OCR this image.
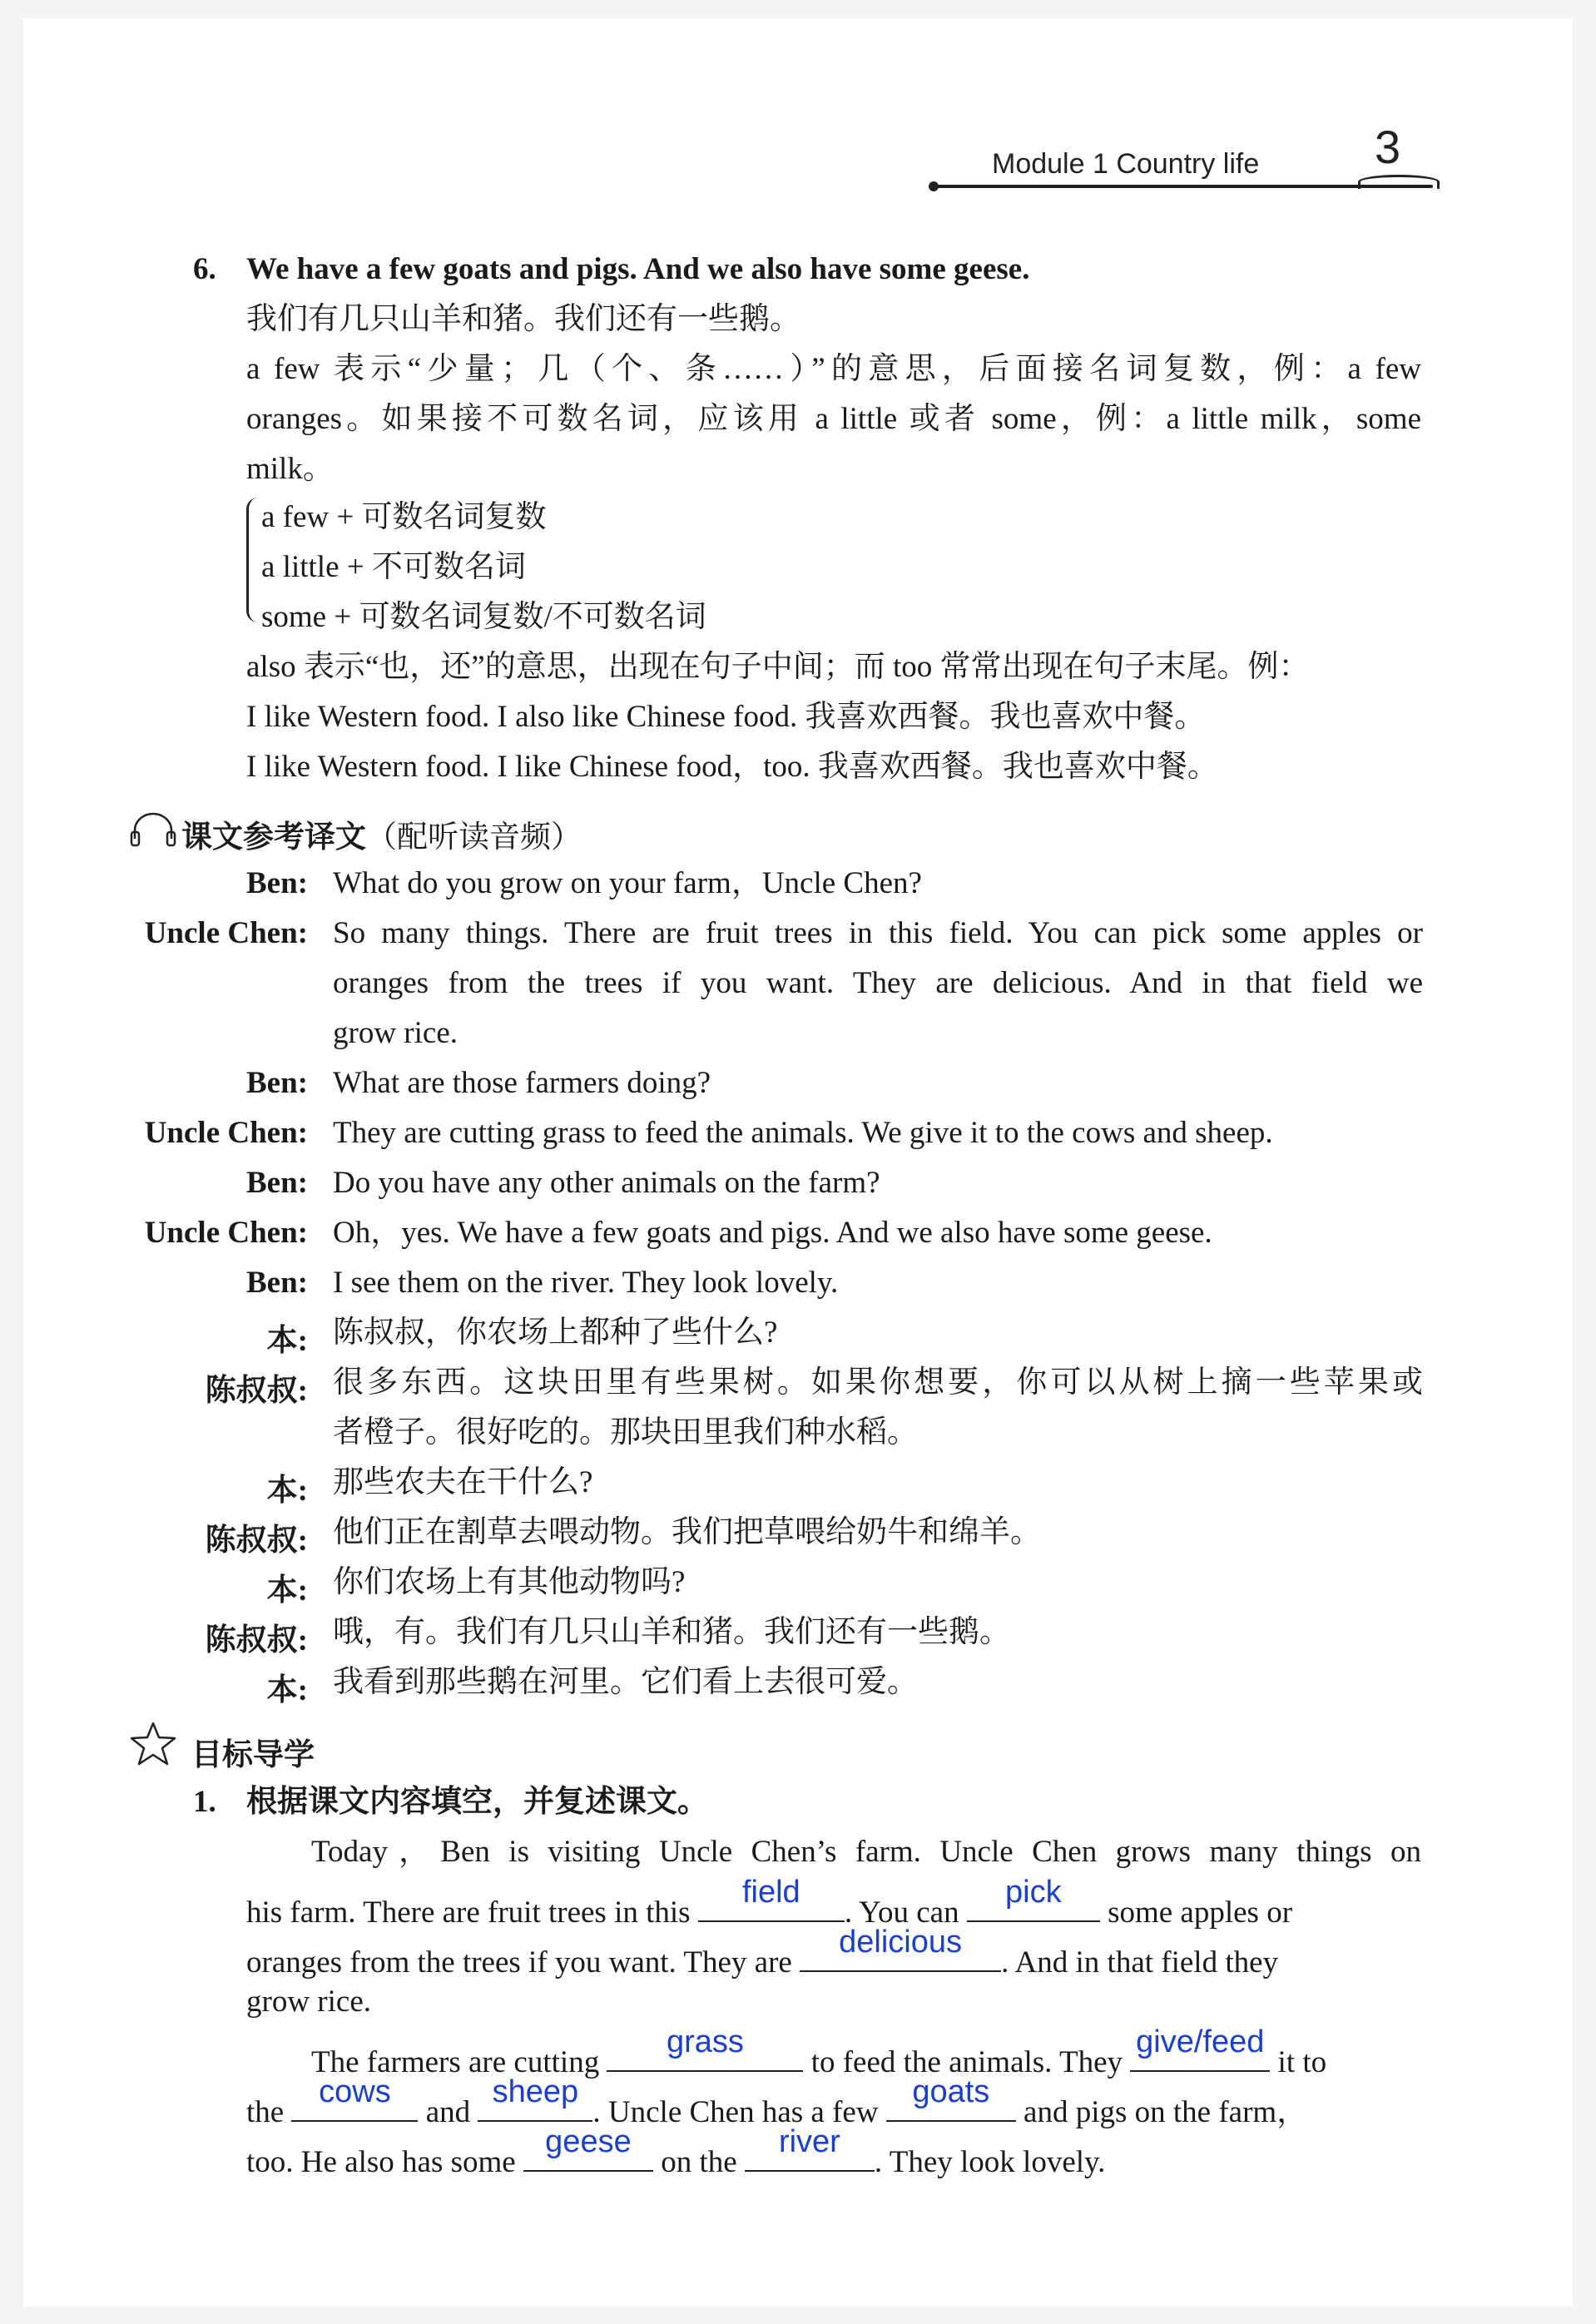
Module 1 Country life 3
6. We have a few goats and pigs. And we also have some geese.
我们有几只山羊和猪。我们还有一些鹅。
a few 表示“少量；几（个、条……）”的意思，后面接名词复数，例：a few
oranges。如果接不可数名词，应该用 a little 或者 some，例：a little milk，some
milk。
a few + 可数名词复数
a little + 不可数名词
some + 可数名词复数/不可数名词
also 表示“也，还”的意思，出现在句子中间；而 too 常常出现在句子末尾。例：
I like Western food. I also like Chinese food. 我喜欢西餐。我也喜欢中餐。
I like Western food. I like Chinese food，too. 我喜欢西餐。我也喜欢中餐。
课文参考译文（配听读音频）
Ben: What do you grow on your farm，Uncle Chen?
Uncle Chen: So many things. There are fruit trees in this field. You can pick some apples or
oranges from the trees if you want. They are delicious. And in that field we
grow rice.
Ben: What are those farmers doing?
Uncle Chen: They are cutting grass to feed the animals. We give it to the cows and sheep.
Ben: Do you have any other animals on the farm?
Uncle Chen: Oh，yes. We have a few goats and pigs. And we also have some geese.
Ben: I see them on the river. They look lovely.
本: 陈叔叔，你农场上都种了些什么?
陈叔叔: 很多东西。这块田里有些果树。如果你想要，你可以从树上摘一些苹果或
者橙子。很好吃的。那块田里我们种水稻。
本: 那些农夫在干什么?
陈叔叔: 他们正在割草去喂动物。我们把草喂给奶牛和绵羊。
本: 你们农场上有其他动物吗?
陈叔叔: 哦，有。我们有几只山羊和猪。我们还有一些鹅。
本: 我看到那些鹅在河里。它们看上去很可爱。
目标导学
1. 根据课文内容填空，并复述课文。
Today，Ben is visiting Uncle Chen’s farm. Uncle Chen grows many things on
his farm. There are fruit trees in this
field
. You can
pick
some apples or
oranges from the trees if you want. They are
delicious
. And in that field they
grow rice.
The farmers are cutting
grass
to feed the animals. They
give/feed
it to
the
cows
and
sheep
. Uncle Chen has a few
goats
and pigs on the farm，
too. He also has some
geese
on the
river
. They look lovely.
